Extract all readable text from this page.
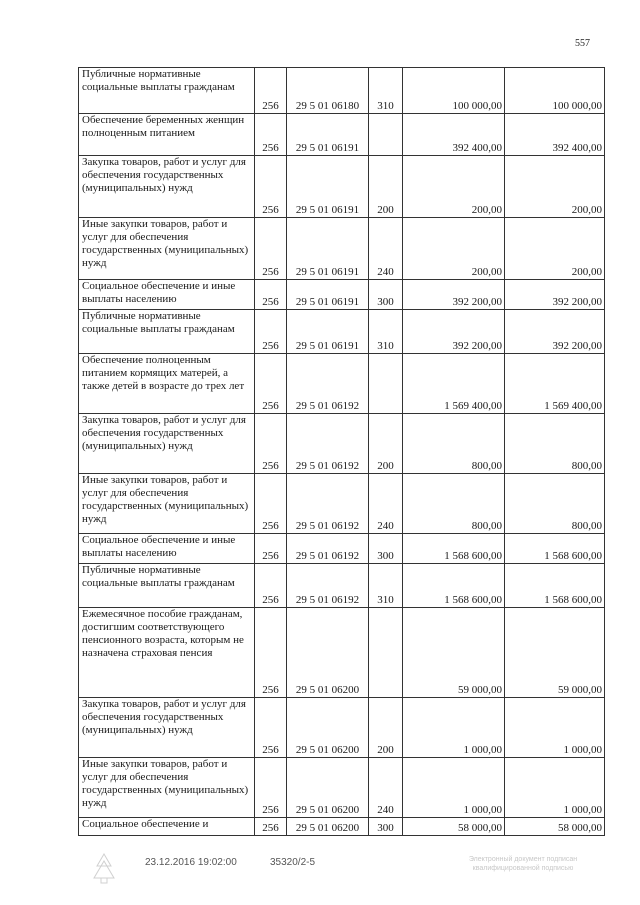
557
Публичные нормативные социальные выплаты гражданам	256	29 5 01 06180	310	100 000,00	100 000,00
Обеспечение беременных женщин полноценным питанием	256	29 5 01 06191		392 400,00	392 400,00
Закупка товаров, работ и услуг для обеспечения государственных (муниципальных) нужд	256	29 5 01 06191	200	200,00	200,00
Иные закупки товаров, работ и услуг для обеспечения государственных (муниципальных) нужд	256	29 5 01 06191	240	200,00	200,00
Социальное обеспечение и иные выплаты населению	256	29 5 01 06191	300	392 200,00	392 200,00
Публичные нормативные социальные выплаты гражданам	256	29 5 01 06191	310	392 200,00	392 200,00
Обеспечение полноценным питанием кормящих матерей, а также детей в возрасте до трех лет	256	29 5 01 06192		1 569 400,00	1 569 400,00
Закупка товаров, работ и услуг для обеспечения государственных (муниципальных) нужд	256	29 5 01 06192	200	800,00	800,00
Иные закупки товаров, работ и услуг для обеспечения государственных (муниципальных) нужд	256	29 5 01 06192	240	800,00	800,00
Социальное обеспечение и иные выплаты населению	256	29 5 01 06192	300	1 568 600,00	1 568 600,00
Публичные нормативные социальные выплаты гражданам	256	29 5 01 06192	310	1 568 600,00	1 568 600,00
Ежемесячное пособие гражданам, достигшим соответствующего пенсионного возраста, которым не назначена страховая пенсия	256	29 5 01 06200		59 000,00	59 000,00
Закупка товаров, работ и услуг для обеспечения государственных (муниципальных) нужд	256	29 5 01 06200	200	1 000,00	1 000,00
Иные закупки товаров, работ и услуг для обеспечения государственных (муниципальных) нужд	256	29 5 01 06200	240	1 000,00	1 000,00
Социальное обеспечение и	256	29 5 01 06200	300	58 000,00	58 000,00
23.12.2016 19:02:00	35320/2-5	Электронный документ подписан квалифицированной подписью
